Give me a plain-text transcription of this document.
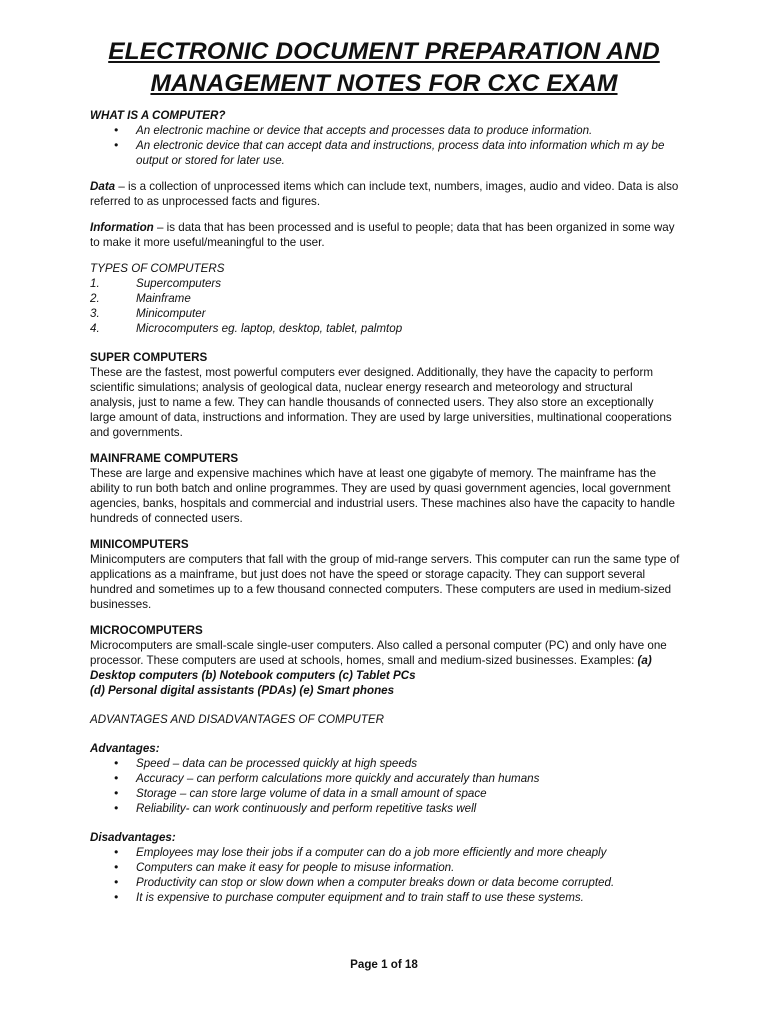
ELECTRONIC DOCUMENT PREPARATION AND
MANAGEMENT NOTES FOR CXC EXAM
WHAT IS A COMPUTER?
• An electronic machine or device that accepts and processes data to produce information.
• An electronic device that can accept data and instructions, process data into information which m ay be output or stored for later use.

Data – is a collection of unprocessed items which can include text, numbers, images, audio and video. Data is also referred to as unprocessed facts and figures.

Information – is data that has been processed and is useful to people; data that has been organized in some way to make it more useful/meaningful to the user.

TYPES OF COMPUTERS
1.	Supercomputers
2.	Mainframe
3.	Minicomputer
4.	Microcomputers eg. laptop, desktop, tablet, palmtop
SUPER COMPUTERS

These are the fastest, most powerful computers ever designed. Additionally, they have the capacity to perform scientific simulations; analysis of geological data, nuclear energy research and meteorology and structural analysis, just to name a few. They can handle thousands of connected users. They also store an exceptionally large amount of data, instructions and information. They are used by large universities, multinational cooperations and governments.

MAINFRAME COMPUTERS

These are large and expensive machines which have at least one gigabyte of memory. The mainframe has the ability to run both batch and online programmes. They are used by quasi government agencies, local government agencies, banks, hospitals and commercial and industrial users. These machines also have the capacity to handle hundreds of connected users.

MINICOMPUTERS

Minicomputers are computers that fall with the group of mid-range servers. This computer can run the same type of applications as a mainframe, but just does not have the speed or storage capacity. They can support several hundred and sometimes up to a few thousand connected computers. These computers are used in medium-sized businesses.

MICROCOMPUTERS

Microcomputers are small-scale single-user computers. Also called a personal computer (PC) and only have one processor. These computers are used at schools, homes, small and medium-sized businesses. Examples: (a) Desktop computers (b) Notebook computers (c) Tablet PCs

(d) Personal digital assistants (PDAs) (e) Smart phones
ADVANTAGES AND DISADVANTAGES OF COMPUTER
Advantages:
• Speed – data can be processed quickly at high speeds
• Accuracy – can perform calculations more quickly and accurately than humans
• Storage – can store large volume of data in a small amount of space
• Reliability- can work continuously and perform repetitive tasks well
Disadvantages:
• Employees may lose their jobs if a computer can do a job more efficiently and more cheaply
• Computers can make it easy for people to misuse information.
• Productivity can stop or slow down when a computer breaks down or data become corrupted.
• It is expensive to purchase computer equipment and to train staff to use these systems.
Page 1 of 18
